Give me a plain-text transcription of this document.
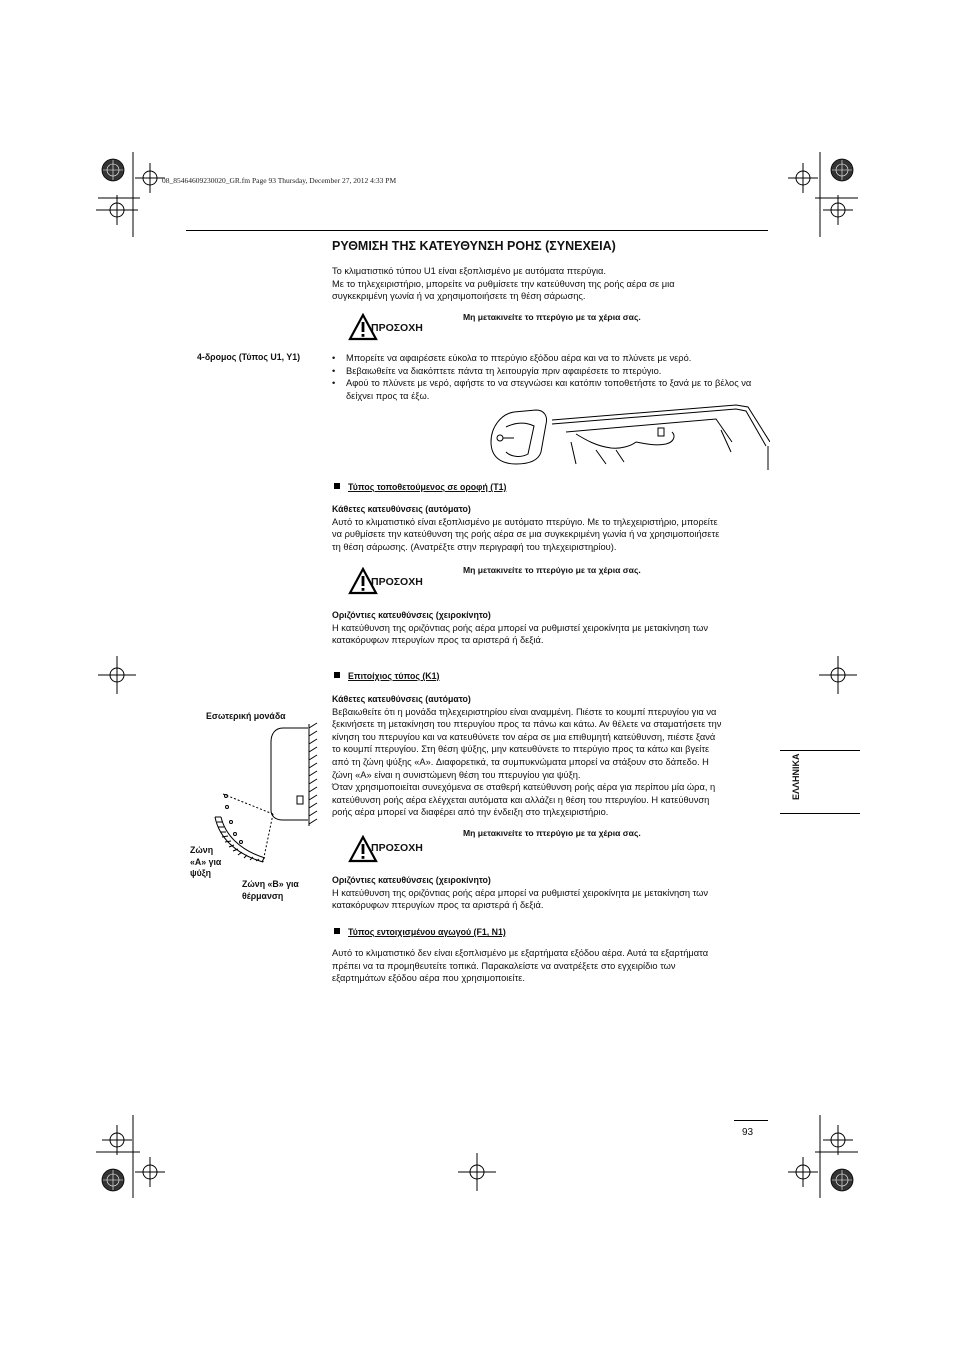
08_85464609230020_GR.fm Page 93 Thursday, December 27, 2012 4:33 PM
ΡΥΘΜΙΣΗ ΤΗΣ ΚΑΤΕΥΘΥΝΣΗ ΡΟΗΣ (ΣΥΝΕΧΕΙΑ)

Το κλιματιστικό τύπου U1 είναι εξοπλισμένο με αυτόματα πτερύγια.

Με το τηλεχειριστήριο, μπορείτε να ρυθμίσετε την κατεύθυνση της ροής αέρα σε μια

συγκεκριμένη γωνία ή να χρησιμοποιήσετε τη θέση σάρωσης.

ΠΡΟΣΟΧΗ
Μη μετακινείτε το πτερύγιο με τα χέρια σας.
4-δρομος (Τύπος U1, Y1)
•	Μπορείτε να αφαιρέσετε εύκολα το πτερύγιο εξόδου αέρα και να το πλύνετε με νερό.
• Βεβαιωθείτε να διακόπτετε πάντα τη λειτουργία πριν αφαιρέσετε το πτερύγιο.
• Αφού το πλύνετε με νερό, αφήστε το να στεγνώσει και κατόπιν τοποθετήστε το ξανά με το βέλος να δείχνει προς τα έξω.
Τύπος τοποθετούμενος σε οροφή (T1)

Κάθετες κατευθύνσεις (αυτόματο)

Αυτό το κλιματιστικό είναι εξοπλισμένο με αυτόματο πτερύγιο. Με το τηλεχειριστήριο, μπορείτε

να ρυθμίσετε την κατεύθυνση της ροής αέρα σε μια συγκεκριμένη γωνία ή να χρησιμοποιήσετε

τη θέση σάρωσης. (Ανατρέξτε στην περιγραφή του τηλεχειριστηρίου).

ΠΡΟΣΟΧΗ
Μη μετακινείτε το πτερύγιο με τα χέρια σας.

Οριζόντιες κατευθύνσεις (χειροκίνητο)

Η κατεύθυνση της οριζόντιας ροής αέρα μπορεί να ρυθμιστεί χειροκίνητα με μετακίνηση των

κατακόρυφων πτερυγίων προς τα αριστερά ή δεξιά.

Επιτοίχιος τύπος (K1)

Κάθετες κατευθύνσεις (αυτόματο)

Βεβαιωθείτε ότι η μονάδα τηλεχειριστηρίου είναι αναμμένη. Πιέστε το κουμπί πτερυγίου για να

ξεκινήσετε τη μετακίνηση του πτερυγίου προς τα πάνω και κάτω. Αν θέλετε να σταματήσετε την

κίνηση του πτερυγίου και να κατευθύνετε τον αέρα σε μια επιθυμητή κατεύθυνση, πιέστε ξανά

το κουμπί πτερυγίου. Στη θέση ψύξης, μην κατευθύνετε το πτερύγιο προς τα κάτω και βγείτε

από τη ζώνη ψύξης «A». Διαφορετικά, τα συμπυκνώματα μπορεί να στάξουν στο δάπεδο. Η

ζώνη «A» είναι η συνιστώμενη θέση του πτερυγίου για ψύξη.

Όταν χρησιμοποιείται συνεχόμενα σε σταθερή κατεύθυνση ροής αέρα για περίπου μία ώρα, η

κατεύθυνση ροής αέρα ελέγχεται αυτόματα και αλλάζει η θέση του πτερυγίου. Η κατεύθυνση

ροής αέρα μπορεί να διαφέρει από την ένδειξη στο τηλεχειριστήριο.

Εσωτερική μονάδα
Ζώνη
«A» για
ψύξη
Ζώνη «B» για
θέρμανση
ΠΡΟΣΟΧΗ
Μη μετακινείτε το πτερύγιο με τα χέρια σας.

Οριζόντιες κατευθύνσεις (χειροκίνητο)

Η κατεύθυνση της οριζόντιας ροής αέρα μπορεί να ρυθμιστεί χειροκίνητα με μετακίνηση των

κατακόρυφων πτερυγίων προς τα αριστερά ή δεξιά.

Τύπος εντοιχισμένου αγωγού (F1, N1)

Αυτό το κλιματιστικό δεν είναι εξοπλισμένο με εξαρτήματα εξόδου αέρα. Αυτά τα εξαρτήματα

πρέπει να τα προμηθευτείτε τοπικά. Παρακαλείστε να ανατρέξετε στο εγχειρίδιο των

εξαρτημάτων εξόδου αέρα που χρησιμοποιείτε.

ΕΛΛΗΝΙΚΑ
93
